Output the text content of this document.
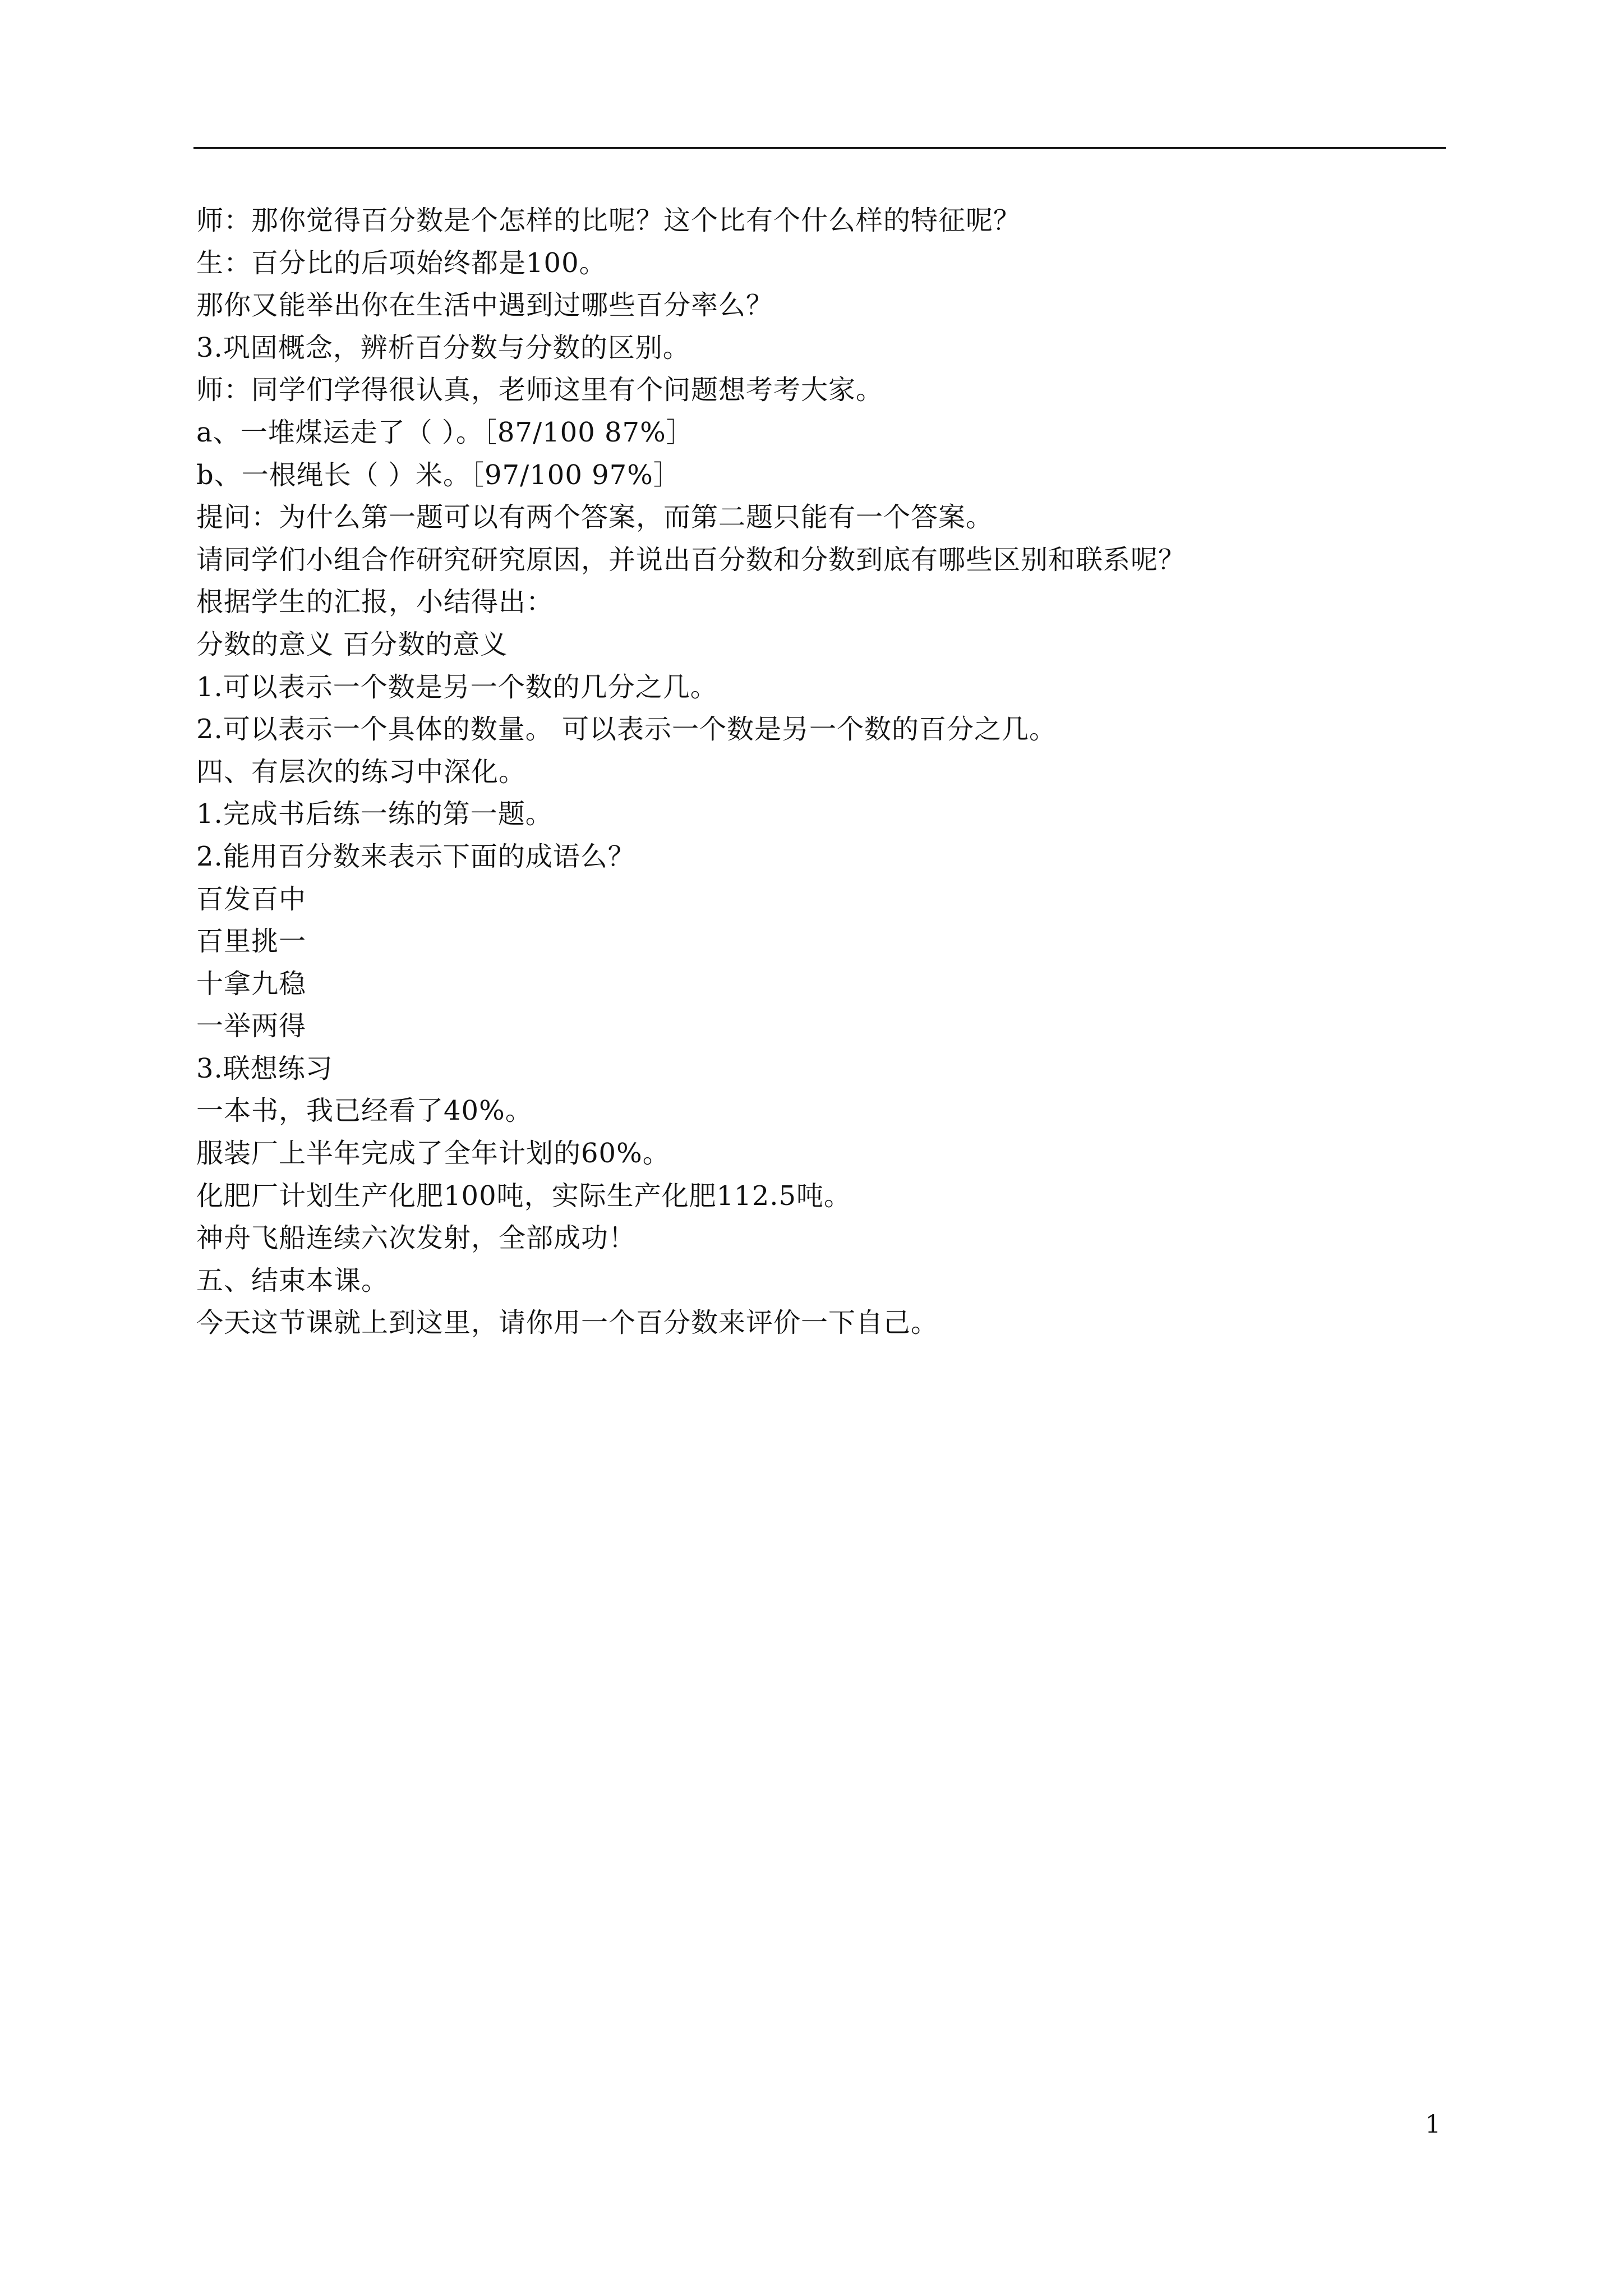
师：那你觉得百分数是个怎样的比呢？这个比有个什么样的特征呢？
生：百分比的后项始终都是100。
那你又能举出你在生活中遇到过哪些百分率么？
3.巩固概念，辨析百分数与分数的区别。
师：同学们学得很认真，老师这里有个问题想考考大家。
a、一堆煤运走了（ ）。［87/100 87%］
b、一根绳长（ ）米。［97/100 97%］
提问：为什么第一题可以有两个答案，而第二题只能有一个答案。
请同学们小组合作研究研究原因，并说出百分数和分数到底有哪些区别和联系呢？
根据学生的汇报，小结得出：
分数的意义 百分数的意义
1.可以表示一个数是另一个数的几分之几。
2.可以表示一个具体的数量。 可以表示一个数是另一个数的百分之几。
四、有层次的练习中深化。
1.完成书后练一练的第一题。
2.能用百分数来表示下面的成语么？
百发百中
百里挑一
十拿九稳
一举两得
3.联想练习
一本书，我已经看了40%。
服装厂上半年完成了全年计划的60%。
化肥厂计划生产化肥100吨，实际生产化肥112.5吨。
神舟飞船连续六次发射，全部成功！
五、结束本课。
今天这节课就上到这里，请你用一个百分数来评价一下自己。
1
